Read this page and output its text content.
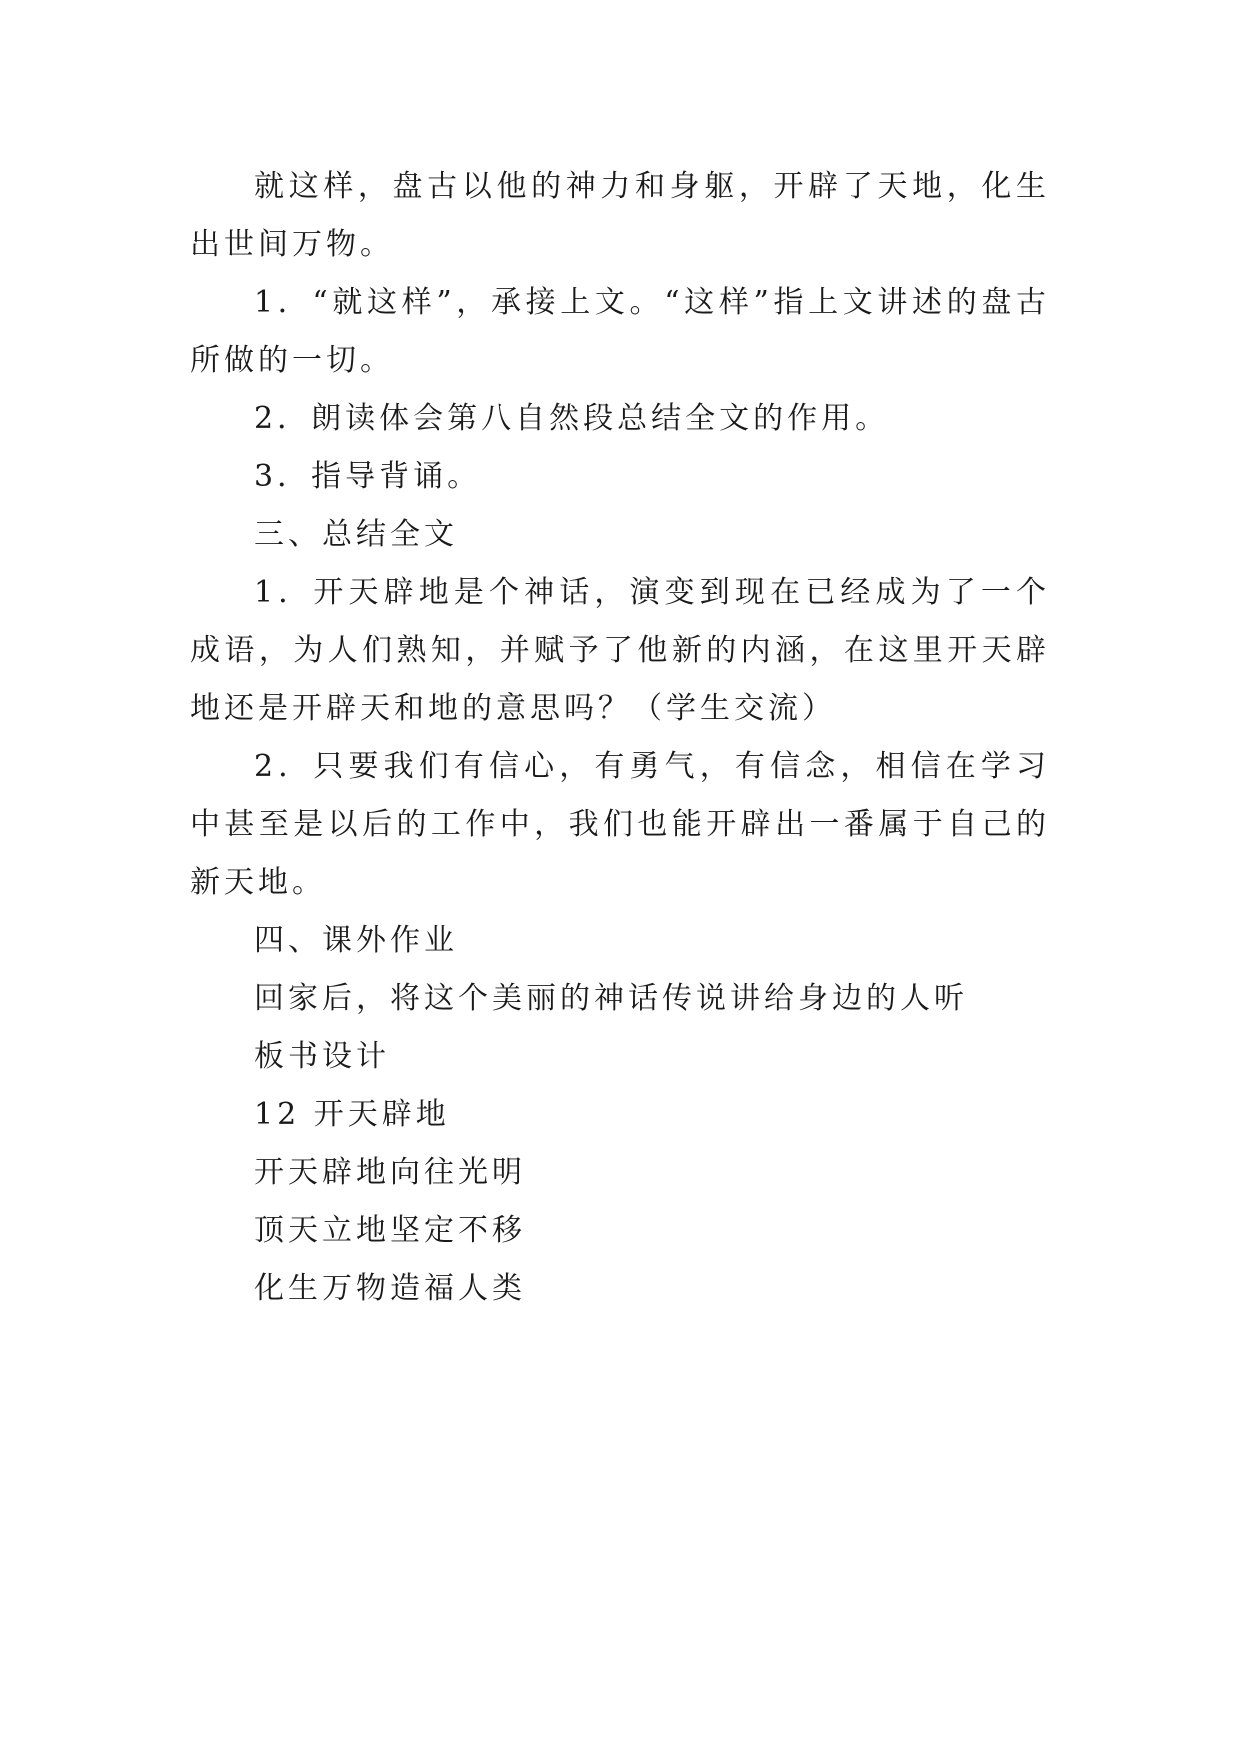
就这样，盘古以他的神力和身躯，开辟了天地，化生出世间万物。

1．“就这样”，承接上文。“这样”指上文讲述的盘古所做的一切。

2．朗读体会第八自然段总结全文的作用。

3．指导背诵。

三、总结全文

1．开天辟地是个神话，演变到现在已经成为了一个成语，为人们熟知，并赋予了他新的内涵，在这里开天辟地还是开辟天和地的意思吗？（学生交流）

2．只要我们有信心，有勇气，有信念，相信在学习中甚至是以后的工作中，我们也能开辟出一番属于自己的新天地。

四、课外作业

回家后，将这个美丽的神话传说讲给身边的人听

板书设计

12 开天辟地

开天辟地向往光明

顶天立地坚定不移

化生万物造福人类
